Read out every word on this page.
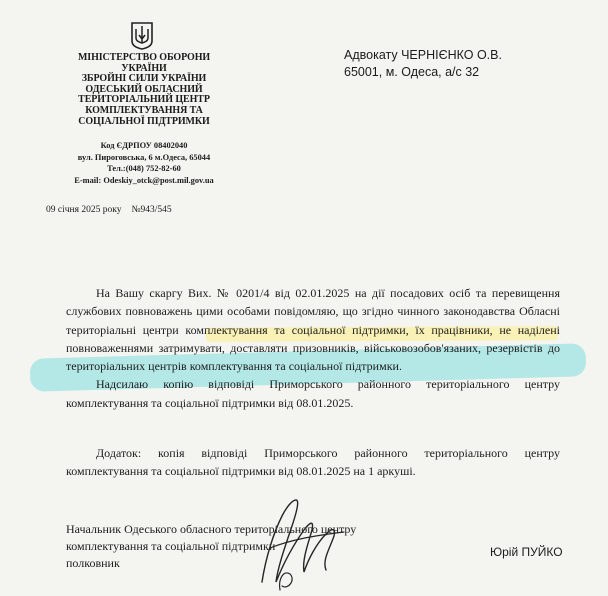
МІНІСТЕРСТВО ОБОРОНИ
УКРАЇНИ
ЗБРОЙНІ СИЛИ УКРАЇНИ
ОДЕСЬКИЙ ОБЛАСНИЙ
ТЕРИТОРІАЛЬНИЙ ЦЕНТР
КОМПЛЕКТУВАННЯ ТА
СОЦІАЛЬНОЇ ПІДТРИМКИ
Код ЄДРПОУ 08402040
вул. Пироговська, 6 м.Одеса, 65044
Тел.:(048) 752-82-60
E-mail: Odeskiy_otck@post.mil.gov.ua
09 січня 2025 року №943/545
Адвокату ЧЕРНІЄНКО О.В.
65001, м. Одеса, а/с 32

На Вашу скаргу Вих. № 0201/4 від 02.01.2025 на дії посадових осіб та перевищення службових повноважень цими особами повідомляю, що згідно чинного законодавства Обласні територіальні центри комплектування та соціальної підтримки, їх працівники, не наділені повноваженнями затримувати, доставляти призовників, військовозобов'язаних, резервістів до територіальних центрів комплектування та соціальної підтримки.

Надсилаю копію відповіді Приморського районного територіального центру комплектування та соціальної підтримки від 08.01.2025.

Додаток: копія відповіді Приморського районного територіального центру комплектування та соціальної підтримки від 08.01.2025 на 1 аркуші.
Начальник Одеського обласного територіального центру
комплектування та соціальної підтримки
полковник
Юрій ПУЙКО
